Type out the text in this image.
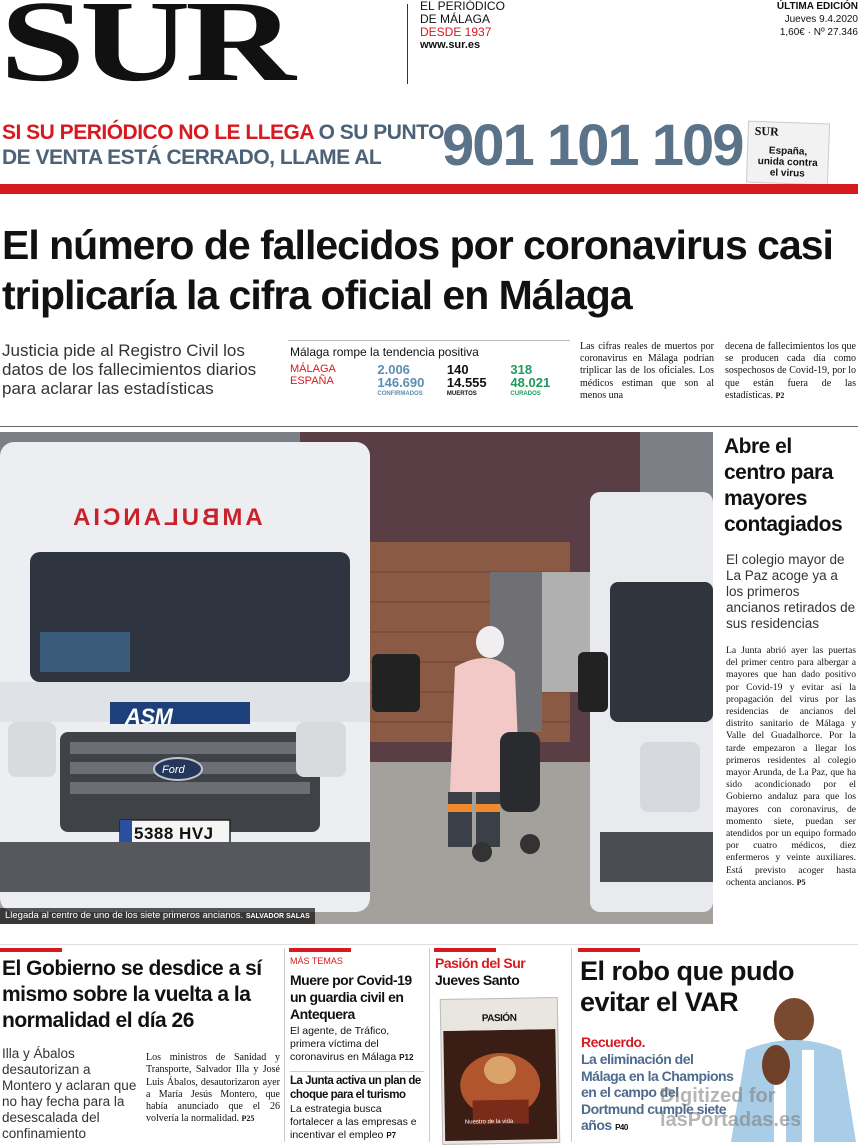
SUR	EL PERIÓDICO
DE MÁLAGA
DESDE 1937
www.sur.es
ÚLTIMA EDICIÓN
Jueves 9.4.2020
1,60€ · Nº 27.346
SI SU PERIÓDICO NO LE LLEGA O SU PUNTO
DE VENTA ESTÁ CERRADO, LLAME AL	901 101 109 SUR
España, unida contra el virus
El número de fallecidos por coronavirus casi triplicaría la cifra oficial en Málaga
Justicia pide al Registro Civil los datos de los fallecimientos diarios para aclarar las estadísticas
Málaga rompe la tendencia positiva
MÁLAGA
ESPAÑA
2.006
146.690
CONFIRMADOS
140
14.555
MUERTOS
318
48.021
CURADOS
Las cifras reales de muertos por coronavirus en Málaga podrían triplicar las de los oficiales. Los médicos estiman que son al menos una
decena de fallecimientos los que se producen cada día como sospechosos de Covid-19, por lo que están fuera de las estadísticas. P2
AMBULANCIA
ASM
Ford
5388 HVJ
Llegada al centro de uno de los siete primeros ancianos. SALVADOR SALAS
Abre el centro para mayores contagiados
El colegio mayor de La Paz acoge ya a los primeros ancianos retirados de sus residencias
La Junta abrió ayer las puertas del primer centro para albergar a mayores que han dado positivo por Covid-19 y evitar así la propagación del virus por las residencias de ancianos del distrito sanitario de Málaga y Valle del Guadalhorce. Por la tarde empezaron a llegar los primeros residentes al colegio mayor Arunda, de La Paz, que ha sido acondicionado por el Gobierno andaluz para que los mayores con coronavirus, de momento siete, puedan ser atendidos por un equipo formado por cuatro médicos, diez enfermeros y veinte auxiliares. Está previsto acoger hasta ochenta ancianos. P5
El Gobierno se desdice a sí mismo sobre la vuelta a la normalidad el día 26
Illa y Ábalos desautorizan a Montero y aclaran que no hay fecha para la desescalada del confinamiento
Los ministros de Sanidad y Transporte, Salvador Illa y José Luis Ábalos, desautorizaron ayer a María Jesús Montero, que había anunciado que el 26 volvería la normalidad. P25
MÁS TEMAS
Muere por Covid-19 un guardia civil en Antequera
El agente, de Tráfico, primera víctima del coronavirus en Málaga P12
La Junta activa un plan de choque para el turismo
La estrategia busca fortalecer a las empresas e incentivar el empleo P7
Pasión del Sur
Jueves Santo
PASIÓN
Nuestro de la vida
El robo que pudo evitar el VAR
Recuerdo.
La eliminación del Málaga en la Champions en el campo del Dortmund cumple siete años P40
Digitized for lasPortadas.es
